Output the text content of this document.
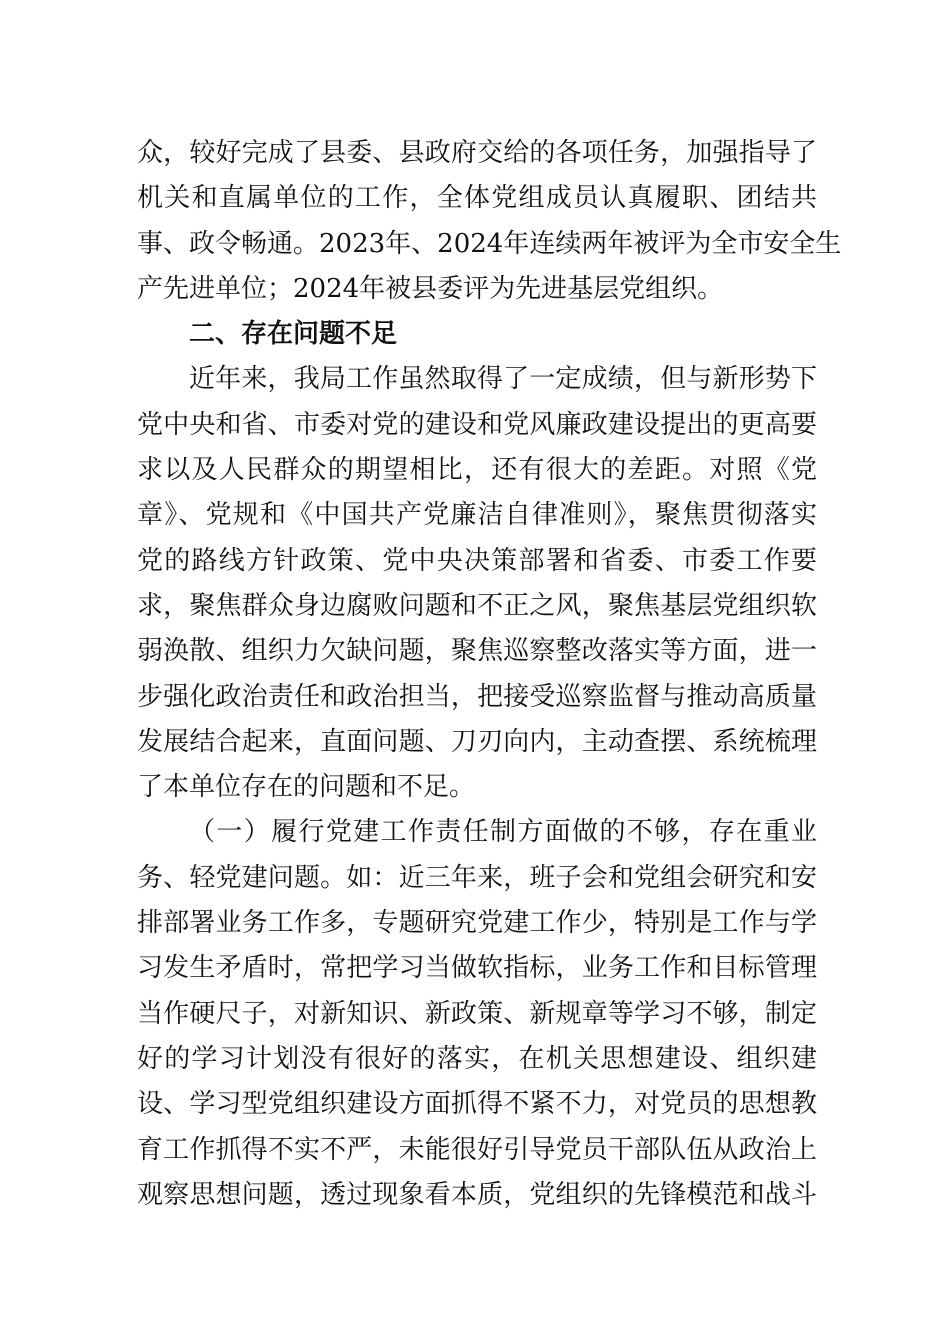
众，较好完成了县委、县政府交给的各项任务，加强指导了
机关和直属单位的工作，全体党组成员认真履职、团结共
事、政令畅通。2023年、2024年连续两年被评为全市安全生
产先进单位；2024年被县委评为先进基层党组织。
二、存在问题不足
近年来，我局工作虽然取得了一定成绩，但与新形势下
党中央和省、市委对党的建设和党风廉政建设提出的更高要
求以及人民群众的期望相比，还有很大的差距。对照《党
章》、党规和《中国共产党廉洁自律准则》，聚焦贯彻落实
党的路线方针政策、党中央决策部署和省委、市委工作要
求，聚焦群众身边腐败问题和不正之风，聚焦基层党组织软
弱涣散、组织力欠缺问题，聚焦巡察整改落实等方面，进一
步强化政治责任和政治担当，把接受巡察监督与推动高质量
发展结合起来，直面问题、刀刃向内，主动查摆、系统梳理
了本单位存在的问题和不足。
（一）履行党建工作责任制方面做的不够，存在重业
务、轻党建问题。如：近三年来，班子会和党组会研究和安
排部署业务工作多，专题研究党建工作少，特别是工作与学
习发生矛盾时，常把学习当做软指标，业务工作和目标管理
当作硬尺子，对新知识、新政策、新规章等学习不够，制定
好的学习计划没有很好的落实，在机关思想建设、组织建
设、学习型党组织建设方面抓得不紧不力，对党员的思想教
育工作抓得不实不严，未能很好引导党员干部队伍从政治上
观察思想问题，透过现象看本质，党组织的先锋模范和战斗
